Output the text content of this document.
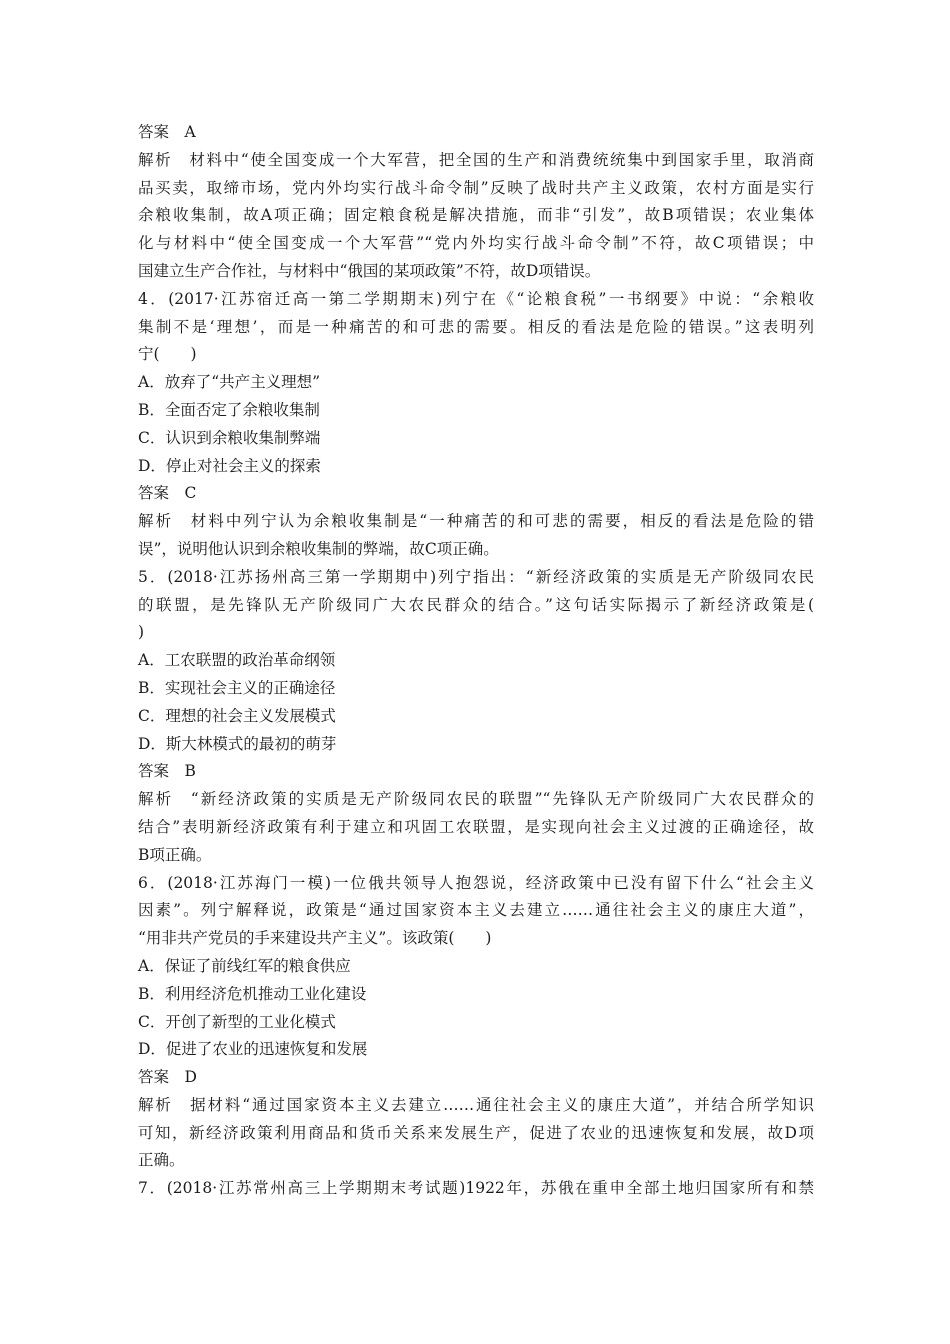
答案　A
解析　材料中“使全国变成一个大军营，把全国的生产和消费统统集中到国家手里，取消商
品买卖，取缔市场，党内外均实行战斗命令制”反映了战时共产主义政策，农村方面是实行
余粮收集制，故A项正确；固定粮食税是解决措施，而非“引发”，故B项错误；农业集体
化与材料中“使全国变成一个大军营”“党内外均实行战斗命令制”不符，故C项错误；中
国建立生产合作社，与材料中“俄国的某项政策”不符，故D项错误。
4．(2017·江苏宿迁高一第二学期期末)列宁在《“论粮食税”一书纲要》中说：“余粮收
集制不是‘理想’，而是一种痛苦的和可悲的需要。相反的看法是危险的错误。”这表明列
宁(　　)
A．放弃了“共产主义理想”
B．全面否定了余粮收集制
C．认识到余粮收集制弊端
D．停止对社会主义的探索
答案　C
解析　材料中列宁认为余粮收集制是“一种痛苦的和可悲的需要，相反的看法是危险的错
误”，说明他认识到余粮收集制的弊端，故C项正确。
5．(2018·江苏扬州高三第一学期期中)列宁指出：“新经济政策的实质是无产阶级同农民
的联盟，是先锋队无产阶级同广大农民群众的结合。”这句话实际揭示了新经济政策是(
)
A．工农联盟的政治革命纲领
B．实现社会主义的正确途径
C．理想的社会主义发展模式
D．斯大林模式的最初的萌芽
答案　B
解析　“新经济政策的实质是无产阶级同农民的联盟”“先锋队无产阶级同广大农民群众的
结合”表明新经济政策有利于建立和巩固工农联盟，是实现向社会主义过渡的正确途径，故
B项正确。
6．(2018·江苏海门一模)一位俄共领导人抱怨说，经济政策中已没有留下什么“社会主义
因素”。列宁解释说，政策是“通过国家资本主义去建立……通往社会主义的康庄大道”，
“用非共产党员的手来建设共产主义”。该政策(　　)
A．保证了前线红军的粮食供应
B．利用经济危机推动工业化建设
C．开创了新型的工业化模式
D．促进了农业的迅速恢复和发展
答案　D
解析　据材料“通过国家资本主义去建立……通往社会主义的康庄大道”，并结合所学知识
可知，新经济政策利用商品和货币关系来发展生产，促进了农业的迅速恢复和发展，故D项
正确。
7．(2018·江苏常州高三上学期期末考试题)1922年，苏俄在重申全部土地归国家所有和禁
